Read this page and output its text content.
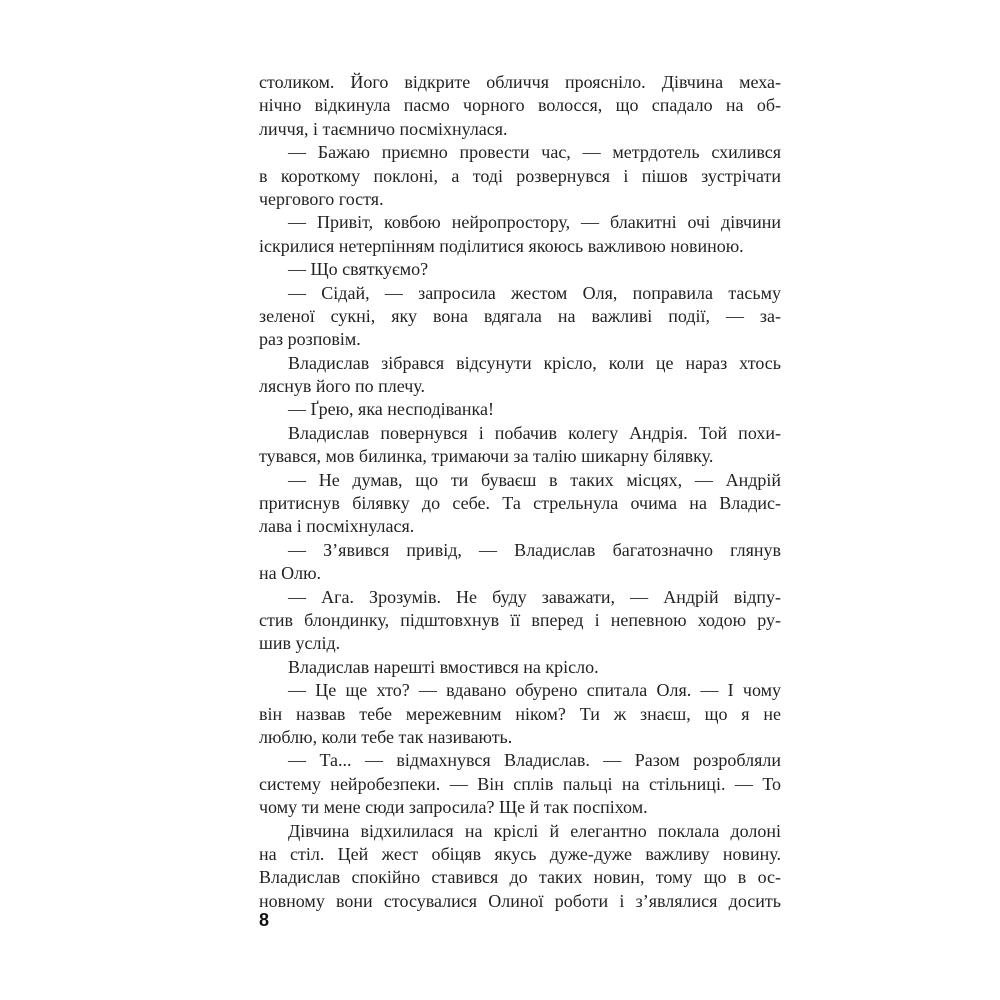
столиком. Його відкрите обличчя проясніло. Дівчина меха-
нічно відкинула пасмо чорного волосся, що спадало на об-
личчя, і таємничо посміхнулася.
— Бажаю приємно провести час, — метрдотель схилився
в короткому поклоні, а тоді розвернувся і пішов зустрічати
чергового гостя.
— Привіт, ковбою нейропростору, — блакитні очі дівчини
іскрилися нетерпінням поділитися якоюсь важливою новиною.
— Що святкуємо?
— Сідай, — запросила жестом Оля, поправила тасьму
зеленої сукні, яку вона вдягала на важливі події, — за-
раз розповім.
Владислав зібрався відсунути крісло, коли це нараз хтось
ляснув його по плечу.
— Ґрею, яка несподіванка!
Владислав повернувся і побачив колегу Андрія. Той похи-
тувався, мов билинка, тримаючи за талію шикарну білявку.
— Не думав, що ти буваєш в таких місцях, — Андрій
притиснув білявку до себе. Та стрельнула очима на Владис-
лава і посміхнулася.
— З’явився привід, — Владислав багатозначно глянув
на Олю.
— Ага. Зрозумів. Не буду заважати, — Андрій відпу-
стив блондинку, підштовхнув її вперед і непевною ходою ру-
шив услід.
Владислав нарешті вмостився на крісло.
— Це ще хто? — вдавано обурено спитала Оля. — І чому
він назвав тебе мережевним ніком? Ти ж знаєш, що я не
люблю, коли тебе так називають.
— Та... — відмахнувся Владислав. — Разом розробляли
систему нейробезпеки. — Він сплів пальці на стільниці. — То
чому ти мене сюди запросила? Ще й так поспіхом.
Дівчина відхилилася на кріслі й елегантно поклала долоні
на стіл. Цей жест обіцяв якусь дуже-дуже важливу новину.
Владислав спокійно ставився до таких новин, тому що в ос-
новному вони стосувалися Олиної роботи і з’являлися досить
8
